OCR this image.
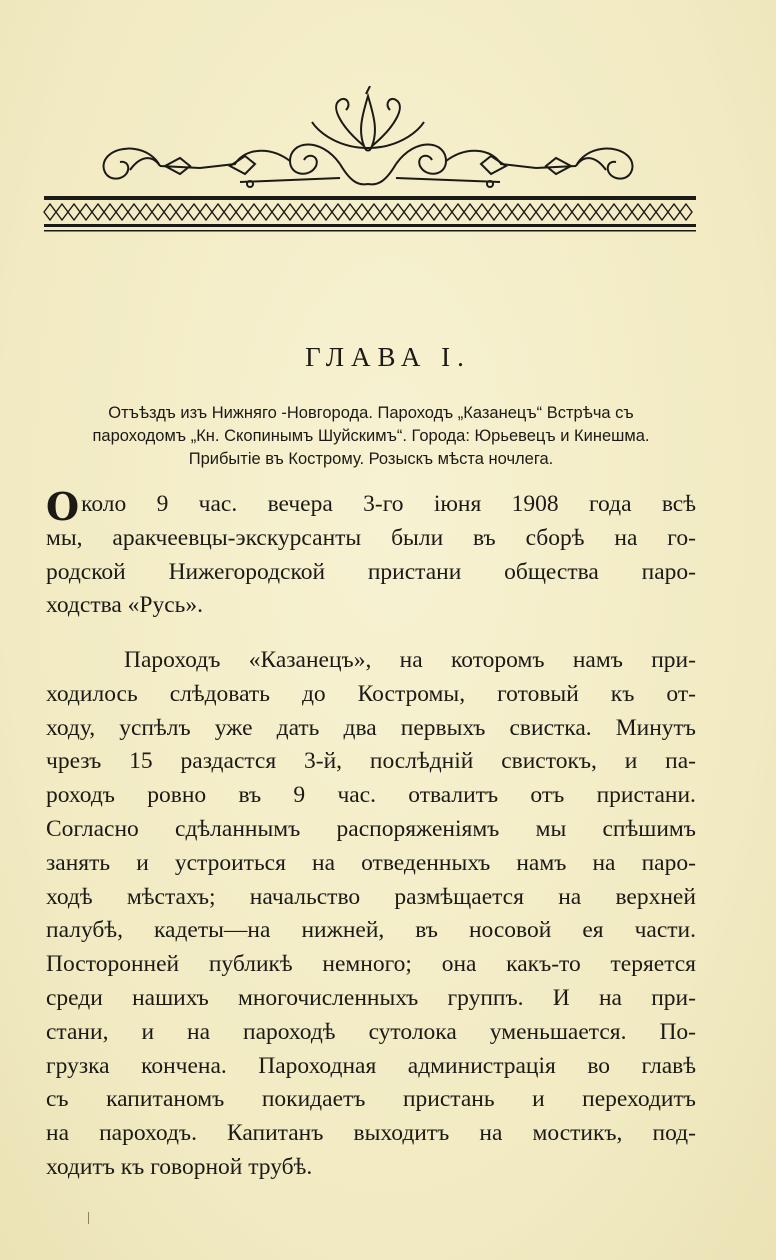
ГЛАВА І.
Отъѣздъ изъ Нижняго -Новгорода. Пароходъ „Казанецъ“ Встрѣча съ
пароходомъ „Кн. Скопинымъ Шуйскимъ“. Города: Юрьевецъ и Кинешма.
Прибытіе въ Кострому. Розыскъ мѣста ночлега.
О коло 9 час. вечера 3-го іюня 1908 года всѣ
мы, аракчеевцы-экскурсанты были въ сборѣ на го-
родской Нижегородской пристани общества паро-
ходства «Русь».
Пароходъ «Казанецъ», на которомъ намъ при-
ходилось слѣдовать до Костромы, готовый къ от-
ходу, успѣлъ уже дать два первыхъ свистка. Минутъ
чрезъ 15 раздастся 3-й, послѣдній свистокъ, и па-
роходъ ровно въ 9 час. отвалитъ отъ пристани.
Согласно сдѣланнымъ распоряженіямъ мы спѣшимъ
занять и устроиться на отведенныхъ намъ на паро-
ходѣ мѣстахъ; начальство размѣщается на верхней
палубѣ, кадеты—на нижней, въ носовой ея части.
Посторонней публикѣ немного; она какъ-то теряется
среди нашихъ многочисленныхъ группъ. И на при-
стани, и на пароходѣ сутолока уменьшается. По-
грузка кончена. Пароходная администрація во главѣ
съ капитаномъ покидаетъ пристань и переходитъ
на пароходъ. Капитанъ выходитъ на мостикъ, под-
ходитъ къ говорной трубѣ.
